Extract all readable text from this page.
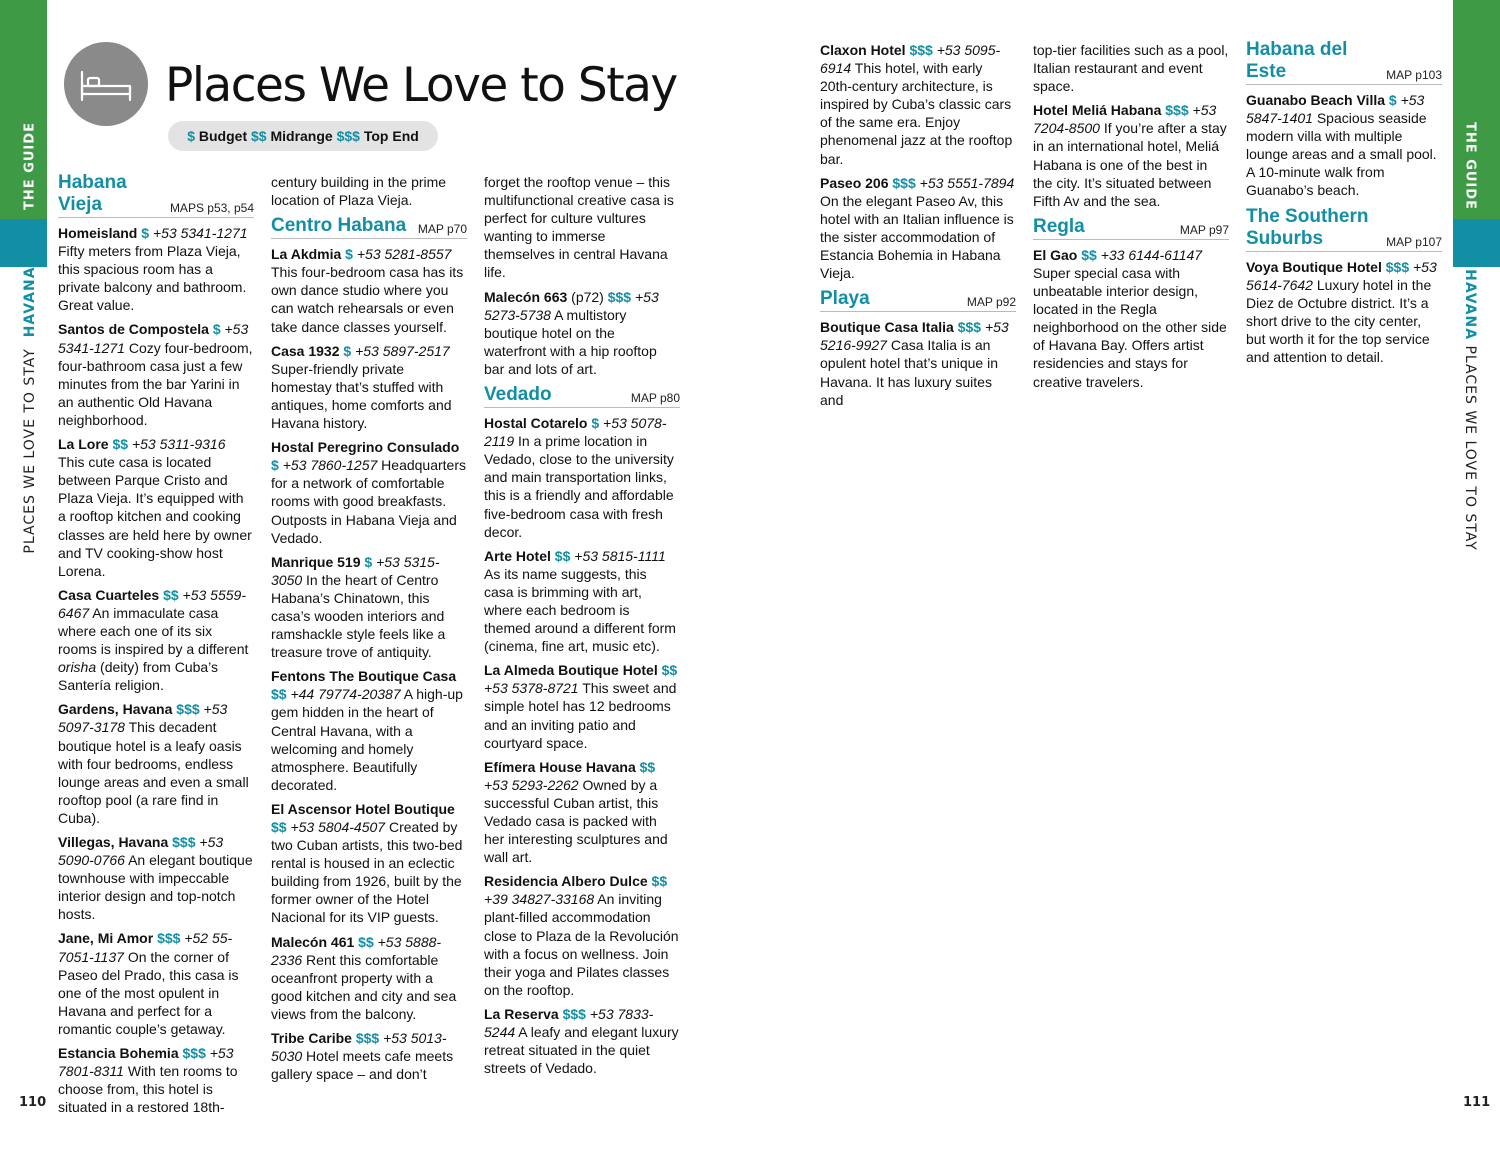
THE GUIDE
PLACES WE LOVE TO STAY  HAVANA
110
THE GUIDE
HAVANA PLACES WE LOVE TO STAY
111
Places We Love to Stay
$ Budget $$ Midrange $$$ Top End
Habana Vieja	MAPS p53, p54

Homeisland $ +53 5341-1271 Fifty meters from Plaza Vieja, this spacious room has a private balcony and bathroom. Great value.

Santos de Compostela $ +53 5341-1271 Cozy four-bedroom, four-bathroom casa just a few minutes from the bar Yarini in an authentic Old Havana neighborhood.

La Lore $$ +53 5311-9316 This cute casa is located between Parque Cristo and Plaza Vieja. It’s equipped with a rooftop kitchen and cooking classes are held here by owner and TV cooking-show host Lorena.

Casa Cuarteles $$ +53 5559-6467 An immaculate casa where each one of its six rooms is inspired by a different orisha (deity) from Cuba’s Santería religion.

Gardens, Havana $$$ +53 5097-3178 This decadent boutique hotel is a leafy oasis with four bedrooms, endless lounge areas and even a small rooftop pool (a rare find in Cuba).

Villegas, Havana $$$ +53 5090-0766 An elegant boutique townhouse with impeccable interior design and top-notch hosts.

Jane, Mi Amor $$$ +52 55-7051-1137 On the corner of Paseo del Prado, this casa is one of the most opulent in Havana and perfect for a romantic couple’s getaway.

Estancia Bohemia $$$ +53 7801-8311 With ten rooms to choose from, this hotel is situated in a restored 18th-

century building in the prime location of Plaza Vieja.

Centro Habana MAP p70

La Akdmia $ +53 5281-8557 This four-bedroom casa has its own dance studio where you can watch rehearsals or even take dance classes yourself.

Casa 1932 $ +53 5897-2517 Super-friendly private homestay that’s stuffed with antiques, home comforts and Havana history.

Hostal Peregrino Consulado $ +53 7860-1257 Headquarters for a network of comfortable rooms with good breakfasts. Outposts in Habana Vieja and Vedado.

Manrique 519 $ +53 5315-3050 In the heart of Centro Habana’s Chinatown, this casa’s wooden interiors and ramshackle style feels like a treasure trove of antiquity.

Fentons The Boutique Casa $$ +44 79774-20387 A high-up gem hidden in the heart of Central Havana, with a welcoming and homely atmosphere. Beautifully decorated.

El Ascensor Hotel Boutique $$ +53 5804-4507 Created by two Cuban artists, this two-bed rental is housed in an eclectic building from 1926, built by the former owner of the Hotel Nacional for its VIP guests.

Malecón 461 $$ +53 5888-2336 Rent this comfortable oceanfront property with a good kitchen and city and sea views from the balcony.

Tribe Caribe $$$ +53 5013-5030 Hotel meets cafe meets gallery space – and don’t

forget the rooftop venue – this multifunctional creative casa is perfect for culture vultures wanting to immerse themselves in central Havana life.

Malecón 663 (p72) $$$ +53 5273-5738 A multistory boutique hotel on the waterfront with a hip rooftop bar and lots of art.

Vedado	MAP p80

Hostal Cotarelo $ +53 5078-2119 In a prime location in Vedado, close to the university and main transportation links, this is a friendly and affordable five-bedroom casa with fresh decor.

Arte Hotel $$ +53 5815-1111 As its name suggests, this casa is brimming with art, where each bedroom is themed around a different form (cinema, fine art, music etc).

La Almeda Boutique Hotel $$ +53 5378-8721 This sweet and simple hotel has 12 bedrooms and an inviting patio and courtyard space.

Efímera House Havana $$ +53 5293-2262 Owned by a successful Cuban artist, this Vedado casa is packed with her interesting sculptures and wall art.

Residencia Albero Dulce $$ +39 34827-33168 An inviting plant-filled accommodation close to Plaza de la Revolución with a focus on wellness. Join their yoga and Pilates classes on the rooftop.

La Reserva $$$ +53 7833-5244 A leafy and elegant luxury retreat situated in the quiet streets of Vedado.

Claxon Hotel $$$ +53 5095-6914 This hotel, with early 20th-century architecture, is inspired by Cuba’s classic cars of the same era. Enjoy phenomenal jazz at the rooftop bar.

Paseo 206 $$$ +53 5551-7894 On the elegant Paseo Av, this hotel with an Italian influence is the sister accommodation of Estancia Bohemia in Habana Vieja.

Playa	MAP p92

Boutique Casa Italia $$$ +53 5216-9927 Casa Italia is an opulent hotel that’s unique in Havana. It has luxury suites and

top-tier facilities such as a pool, Italian restaurant and event space.

Hotel Meliá Habana $$$ +53 7204-8500 If you’re after a stay in an international hotel, Meliá Habana is one of the best in the city. It’s situated between Fifth Av and the sea.

Regla	MAP p97

El Gao $$ +33 6144-61147 Super special casa with unbeatable interior design, located in the Regla neighborhood on the other side of Havana Bay. Offers artist residencies and stays for creative travelers.

Habana del Este	MAP p103

Guanabo Beach Villa $ +53 5847-1401 Spacious seaside modern villa with multiple lounge areas and a small pool. A 10-minute walk from Guanabo’s beach.

The Southern Suburbs	MAP p107

Voya Boutique Hotel $$$ +53 5614-7642 Luxury hotel in the Diez de Octubre district. It’s a short drive to the city center, but worth it for the top service and attention to detail.
